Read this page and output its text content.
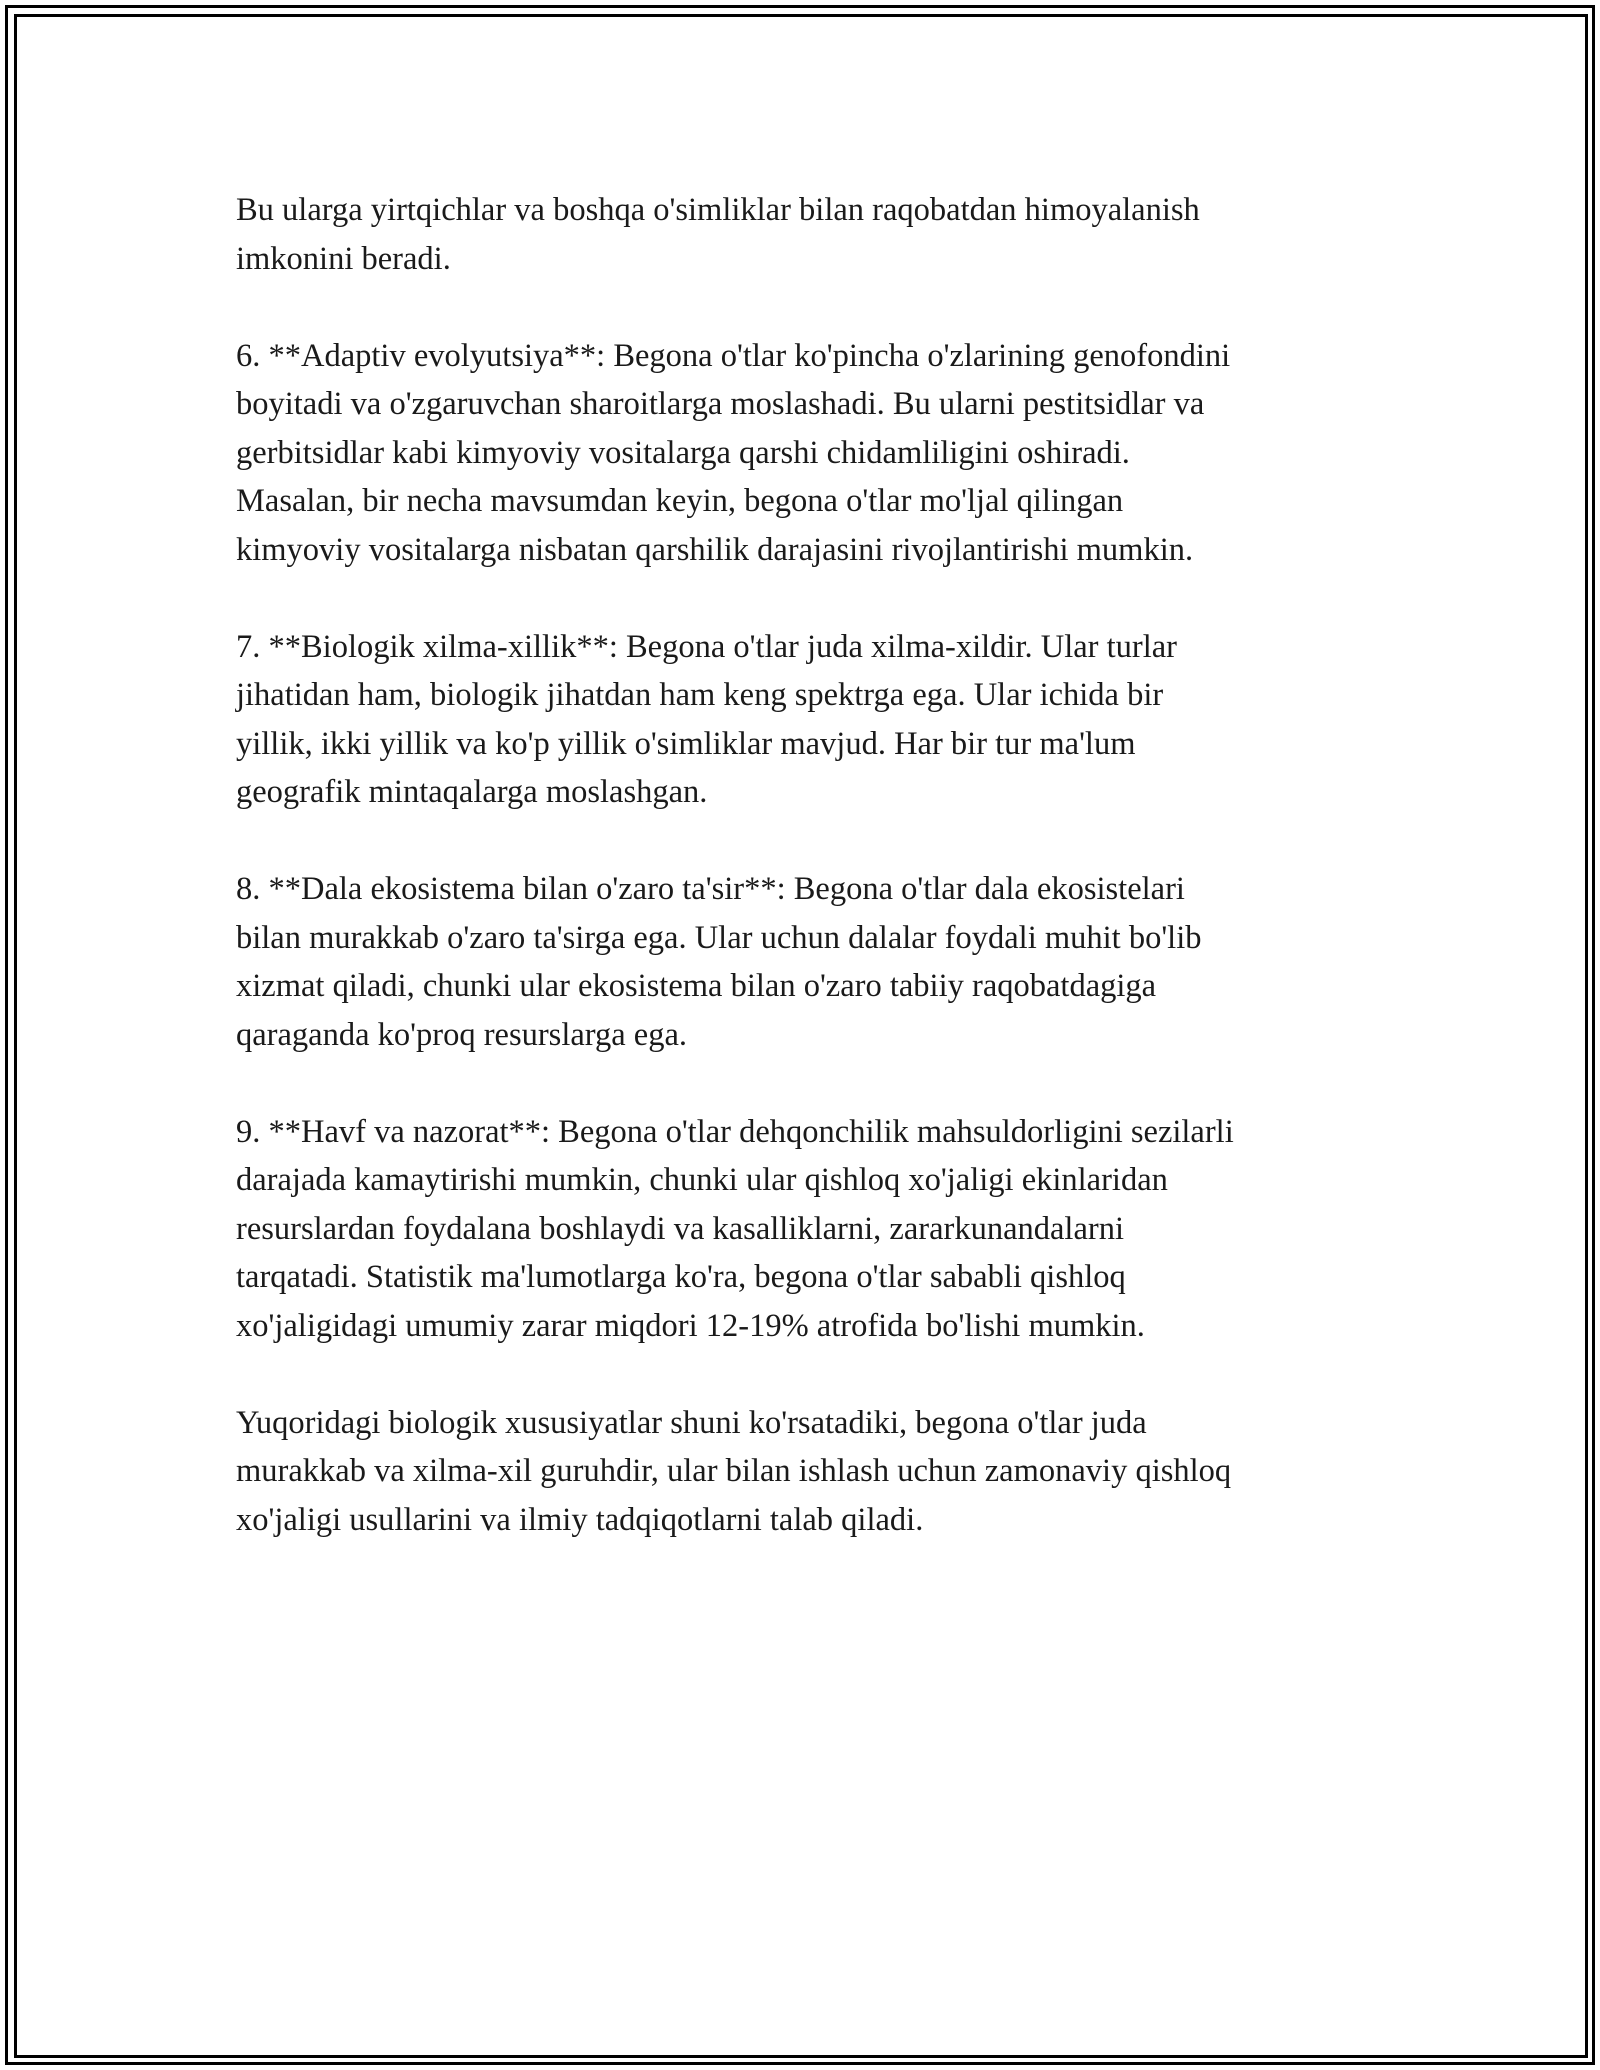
Bu ularga yirtqichlar va boshqa o'simliklar bilan raqobatdan himoyalanish
imkonini beradi.

6. **Adaptiv evolyutsiya**: Begona o'tlar ko'pincha o'zlarining genofondini
boyitadi va o'zgaruvchan sharoitlarga moslashadi. Bu ularni pestitsidlar va
gerbitsidlar kabi kimyoviy vositalarga qarshi chidamliligini oshiradi.
Masalan, bir necha mavsumdan keyin, begona o'tlar mo'ljal qilingan
kimyoviy vositalarga nisbatan qarshilik darajasini rivojlantirishi mumkin.

7. **Biologik xilma-xillik**: Begona o'tlar juda xilma-xildir. Ular turlar
jihatidan ham, biologik jihatdan ham keng spektrga ega. Ular ichida bir
yillik, ikki yillik va ko'p yillik o'simliklar mavjud. Har bir tur ma'lum
geografik mintaqalarga moslashgan.

8. **Dala ekosistema bilan o'zaro ta'sir**: Begona o'tlar dala ekosistelari
bilan murakkab o'zaro ta'sirga ega. Ular uchun dalalar foydali muhit bo'lib
xizmat qiladi, chunki ular ekosistema bilan o'zaro tabiiy raqobatdagiga
qaraganda ko'proq resurslarga ega.

9. **Havf va nazorat**: Begona o'tlar dehqonchilik mahsuldorligini sezilarli
darajada kamaytirishi mumkin, chunki ular qishloq xo'jaligi ekinlaridan
resurslardan foydalana boshlaydi va kasalliklarni, zararkunandalarni
tarqatadi. Statistik ma'lumotlarga ko'ra, begona o'tlar sababli qishloq
xo'jaligidagi umumiy zarar miqdori 12-19% atrofida bo'lishi mumkin.

Yuqoridagi biologik xususiyatlar shuni ko'rsatadiki, begona o'tlar juda
murakkab va xilma-xil guruhdir, ular bilan ishlash uchun zamonaviy qishloq
xo'jaligi usullarini va ilmiy tadqiqotlarni talab qiladi.
